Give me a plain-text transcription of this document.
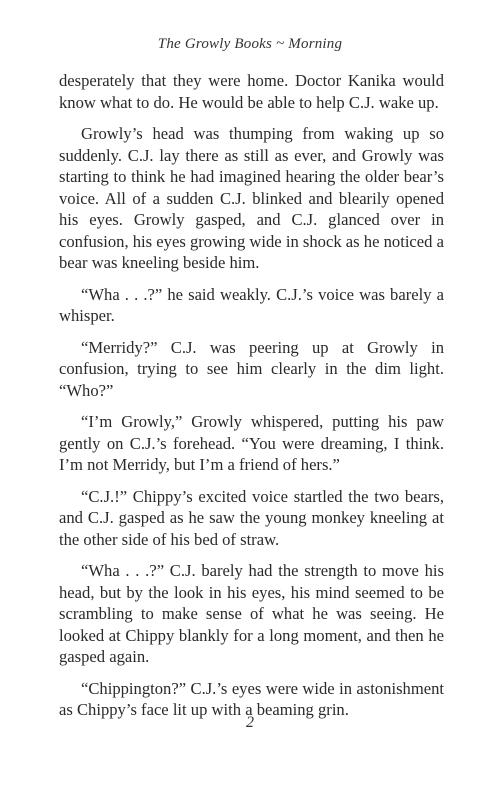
The Growly Books ~ Morning

desperately that they were home. Doctor Kanika would know what to do. He would be able to help C.J. wake up.

Growly’s head was thumping from waking up so suddenly. C.J. lay there as still as ever, and Growly was starting to think he had imagined hearing the older bear’s voice. All of a sudden C.J. blinked and blearily opened his eyes. Growly gasped, and C.J. glanced over in confusion, his eyes growing wide in shock as he noticed a bear was kneeling beside him.

“Wha . . .?” he said weakly. C.J.’s voice was barely a whisper.

“Merridy?” C.J. was peering up at Growly in confusion, trying to see him clearly in the dim light. “Who?”

“I’m Growly,” Growly whispered, putting his paw gently on C.J.’s forehead. “You were dreaming, I think. I’m not Merridy, but I’m a friend of hers.”

“C.J.!” Chippy’s excited voice startled the two bears, and C.J. gasped as he saw the young monkey kneeling at the other side of his bed of straw.

“Wha . . .?” C.J. barely had the strength to move his head, but by the look in his eyes, his mind seemed to be scrambling to make sense of what he was seeing. He looked at Chippy blankly for a long moment, and then he gasped again.

“Chippington?” C.J.’s eyes were wide in astonishment as Chippy’s face lit up with a beaming grin.

2
